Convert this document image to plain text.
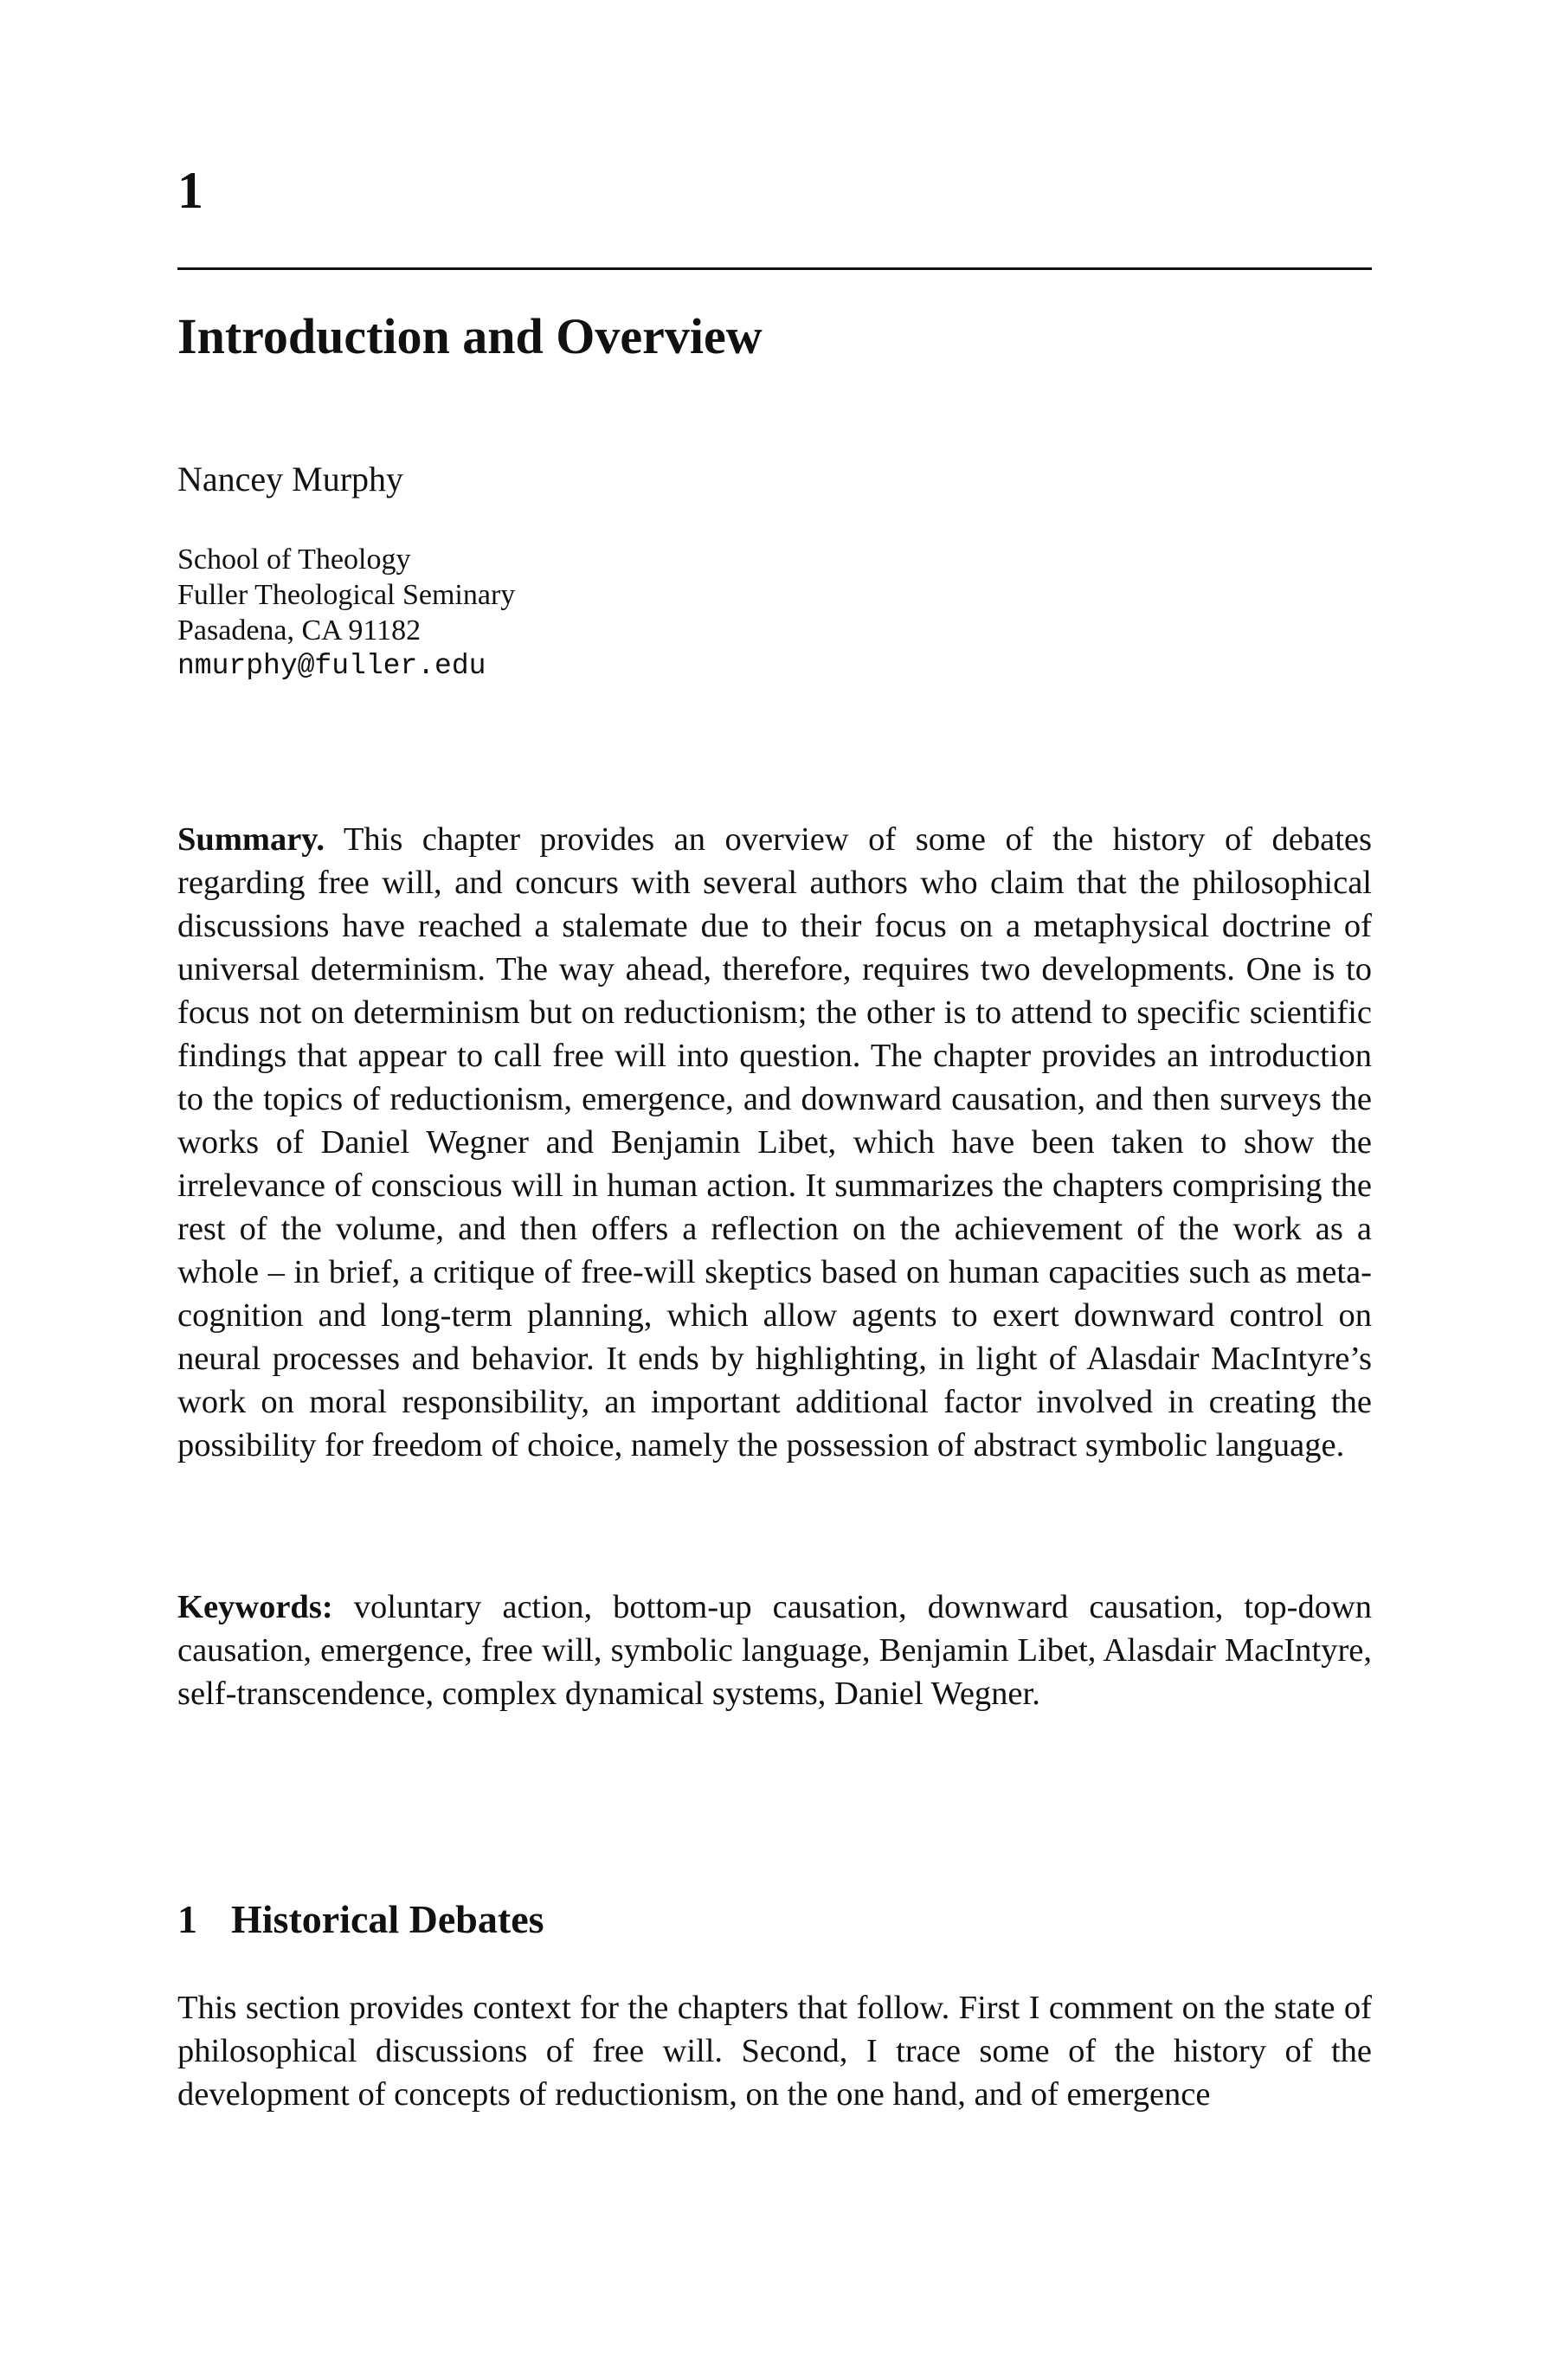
1
Introduction and Overview
Nancey Murphy
School of Theology
Fuller Theological Seminary
Pasadena, CA 91182
nmurphy@fuller.edu

Summary. This chapter provides an overview of some of the history of debates regarding free will, and concurs with several authors who claim that the philosophical discussions have reached a stalemate due to their focus on a metaphysical doctrine of universal determinism. The way ahead, therefore, requires two developments. One is to focus not on determinism but on reductionism; the other is to attend to specific scientific findings that appear to call free will into question. The chapter provides an introduction to the topics of reductionism, emergence, and downward causation, and then surveys the works of Daniel Wegner and Benjamin Libet, which have been taken to show the irrelevance of conscious will in human action. It summarizes the chapters comprising the rest of the volume, and then offers a reflection on the achievement of the work as a whole – in brief, a critique of free-will skeptics based on human capacities such as meta-cognition and long-term planning, which allow agents to exert downward control on neural processes and behavior. It ends by highlighting, in light of Alasdair MacIntyre’s work on moral responsibility, an important additional factor involved in creating the possibility for freedom of choice, namely the possession of abstract symbolic language.

Keywords: voluntary action, bottom-up causation, downward causation, top-down causation, emergence, free will, symbolic language, Benjamin Libet, Alasdair MacIntyre, self-transcendence, complex dynamical systems, Daniel Wegner.

1 Historical Debates

This section provides context for the chapters that follow. First I comment on the state of philosophical discussions of free will. Second, I trace some of the history of the development of concepts of reductionism, on the one hand, and of emergence
